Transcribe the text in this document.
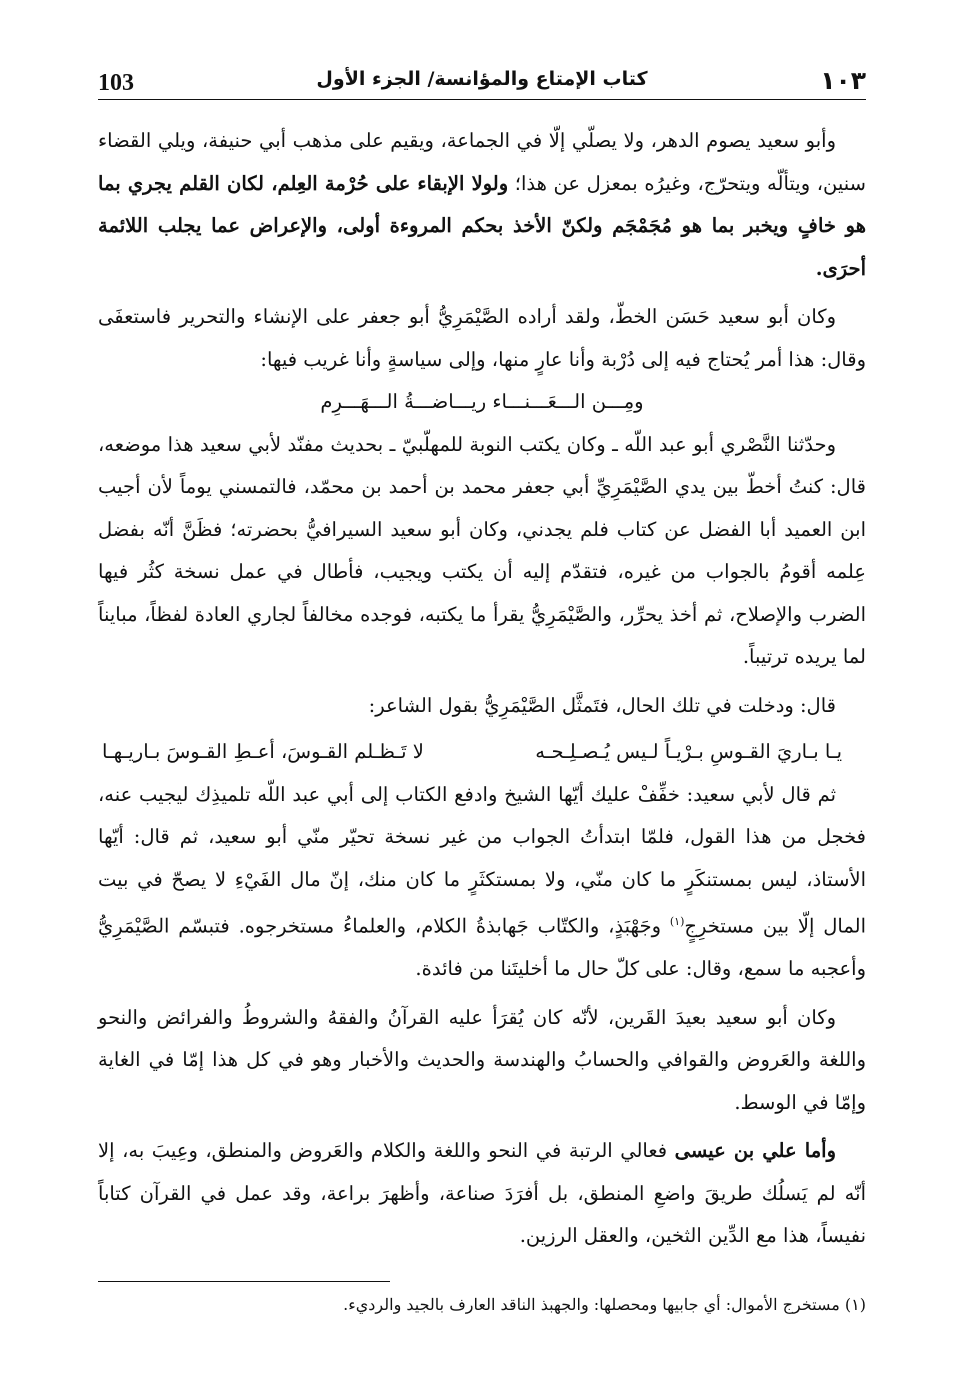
103	كتاب الإمتاع والمؤانسة/ الجزء الأول	١٠٣

وأبو سعيد يصوم الدهر، ولا يصلّي إلّا في الجماعة، ويقيم على مذهب أبي حنيفة، ويلي القضاء سنين، ويتألّه ويتحرّج، وغيرُه بمعزل عن هذا؛ ولولا الإبقاء على حُرْمة العِلم، لكان القلم يجري بما هو خافٍ ويخبر بما هو مُجَمْجَم ولكنّ الأخذ بحكم المروءة أولى، والإعراض عما يجلب اللائمة أحرَى.

وكان أبو سعيد حَسَن الخطّ، ولقد أراده الصَّيْمَرِيُّ أبو جعفر على الإنشاء والتحرير فاستعفَى وقال: هذا أمر يُحتاج فيه إلى دُرْبة وأنا عارٍ منها، وإلى سياسةٍ وأنا غريب فيها:

ومِـــن الـــعَـــنـــاء ريـــاضـــةُ الـــهَـــرِم

وحدّثنا النَّصْري أبو عبد اللّه ـ وكان يكتب النوبة للمهلّبيّ ـ بحديث مفنّد لأبي سعيد هذا موضعه، قال: كنتُ أخطّ بين يدي الصَّيْمَرِيِّ أبي جعفر محمد بن أحمد بن محمّد، فالتمسني يوماً لأن أجيب ابن العميد أبا الفضل عن كتاب فلم يجدني، وكان أبو سعيد السيرافيُّ بحضرته؛ فظَنَّ أنّه بفضل عِلمه أقومُ بالجواب من غيره، فتقدّم إليه أن يكتب ويجيب، فأطال في عمل نسخة كثُر فيها الضرب والإصلاح، ثم أخذ يحرِّر، والصَّيْمَرِيُّ يقرأ ما يكتبه، فوجده مخالفاً لجاري العادة لفظاً، مبايناً لما يريده ترتيباً.

قال: ودخلت في تلك الحال، فتَمثَّل الصَّيْمَرِيُّ بقول الشاعر:

يـا بـاريَ القـوسِ بـرْيـاً لـيس يُـصـلِـحـه
لا تَـظـلم القـوسَ، أعـطِ القـوسَ بـاريـهـا

ثم قال لأبي سعيد: خفِّفْ عليك أيّها الشيخ وادفع الكتاب إلى أبي عبد اللّه تلميذِك ليجيب عنه، فخجل من هذا القول، فلمّا ابتدأتُ الجواب من غير نسخة تحيّر منّي أبو سعيد، ثم قال: أيّها الأستاذ، ليس بمستنكَرٍ ما كان منّي، ولا بمستكثَرٍ ما كان منك، إنّ مال الفَيْءِ لا يصحّ في بيت المال إلّا بين مستخرِجٍ$^{(١)}$ وجَهْبَذٍ، والكتّاب جَهابذةُ الكلام، والعلماءُ مستخرجوه. فتبسّم الصَّيْمَرِيُّ وأعجبه ما سمع، وقال: على كلّ حال ما أخليتَنا من فائدة.

وكان أبو سعيد بعيدَ القَرين، لأنّه كان يُقرَأ عليه القرآنُ والفقهُ والشروطُ والفرائض والنحو واللغة والعَروض والقوافي والحسابُ والهندسة والحديث والأخبار وهو في كل هذا إمّا في الغاية وإمّا في الوسط.

وأما علي بن عيسى فعالي الرتبة في النحو واللغة والكلام والعَروض والمنطق، وعِيبَ به، إلا أنّه لم يَسلُك طريقَ واضعِ المنطق، بل أفرَدَ صناعة، وأظهرَ براعة، وقد عمل في القرآن كتاباً نفيساً، هذا مع الدِّين الثخين، والعقل الرزين.

(١) مستخرج الأموال: أي جابيها ومحصلها: والجهبذ الناقد العارف بالجيد والرديء.
